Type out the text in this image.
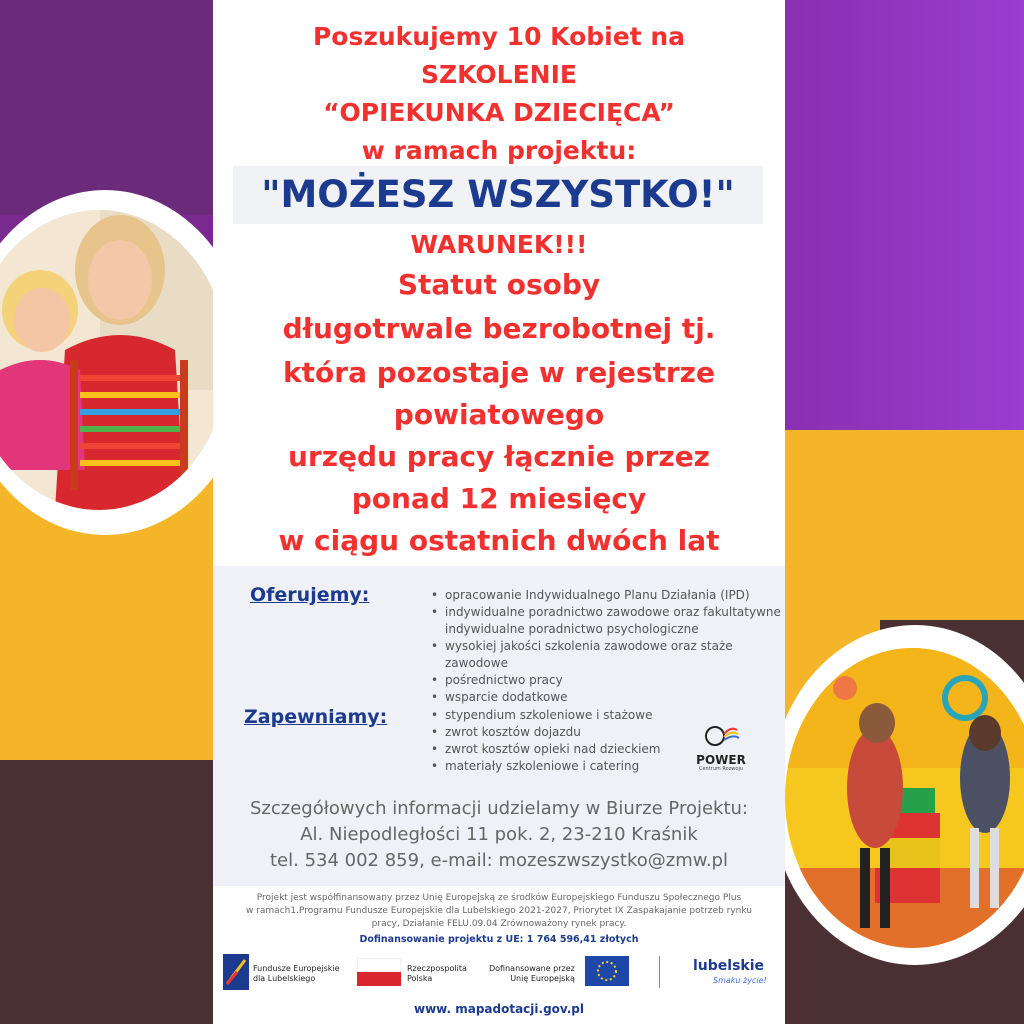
Poszukujemy 10 Kobiet na
SZKOLENIE
“OPIEKUNKA DZIECIĘCA”
w ramach projektu:
"MOŻESZ WSZYSTKO!"
WARUNEK!!!
Statut osoby
długotrwale bezrobotnej tj.
która pozostaje w rejestrze
powiatowego
urzędu pracy łącznie przez
ponad 12 miesięcy
w ciągu ostatnich dwóch lat
Oferujemy:	• opracowanie Indywidualnego Planu Działania (IPD)
• indywidualne poradnictwo zawodowe oraz fakultatywne
indywidualne poradnictwo psychologiczne
• wysokiej jakości szkolenia zawodowe oraz staże zawodowe
• pośrednictwo pracy
• wsparcie dodatkowe
Zapewniamy:	• stypendium szkoleniowe i stażowe
• zwrot kosztów dojazdu
• zwrot kosztów opieki nad dzieckiem
• materiały szkoleniowe i catering	POWER
Centrum Rozwoju
Szczegółowych informacji udzielamy w Biurze Projektu:
Al. Niepodległości 11 pok. 2, 23-210 Kraśnik
tel. 534 002 859, e-mail: mozeszwszystko@zmw.pl
Projekt jest współfinansowany przez Unię Europejską ze środków Europejskiego Funduszu Społecznego Plus
w ramach1.Programu Fundusze Europejskie dla Lubelskiego 2021-2027, Priorytet IX Zaspakajanie potrzeb rynku
pracy, Działanie FELU.09.04 Zrównoważony rynek pracy.
Dofinansowanie projektu z UE: 1 764 596,41 złotych
Fundusze Europejskie
dla Lubelskiego
Rzeczpospolita
Polska
Dofinansowane przez
Unię Europejską
lubelskie
Smaku życie!
www. mapadotacji.gov.pl
